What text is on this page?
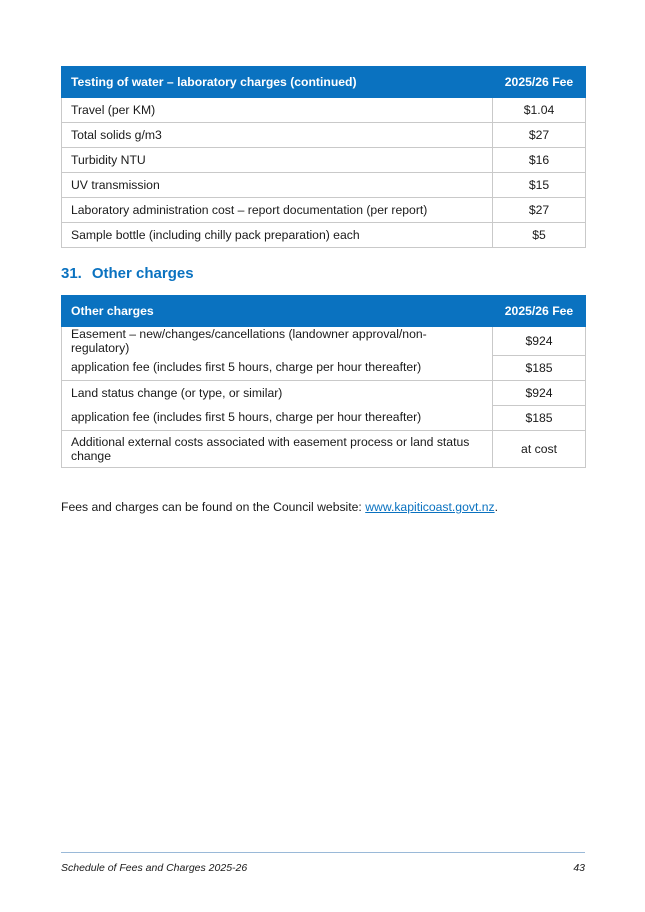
Testing of water – laboratory charges (continued)	2025/26 Fee
Travel (per KM)	$1.04
Total solids g/m3	$27
Turbidity NTU	$16
UV transmission	$15
Laboratory administration cost – report documentation (per report)	$27
Sample bottle (including chilly pack preparation) each	$5
31. Other charges
Other charges	2025/26 Fee
Easement – new/changes/cancellations (landowner approval/non-regulatory)	$924
application fee (includes first 5 hours, charge per hour thereafter)	$185
Land status change (or type, or similar)	$924
application fee (includes first 5 hours, charge per hour thereafter)	$185
Additional external costs associated with easement process or land status change	at cost

Fees and charges can be found on the Council website: www.kapiticoast.govt.nz.

Schedule of Fees and Charges 2025-26	43
